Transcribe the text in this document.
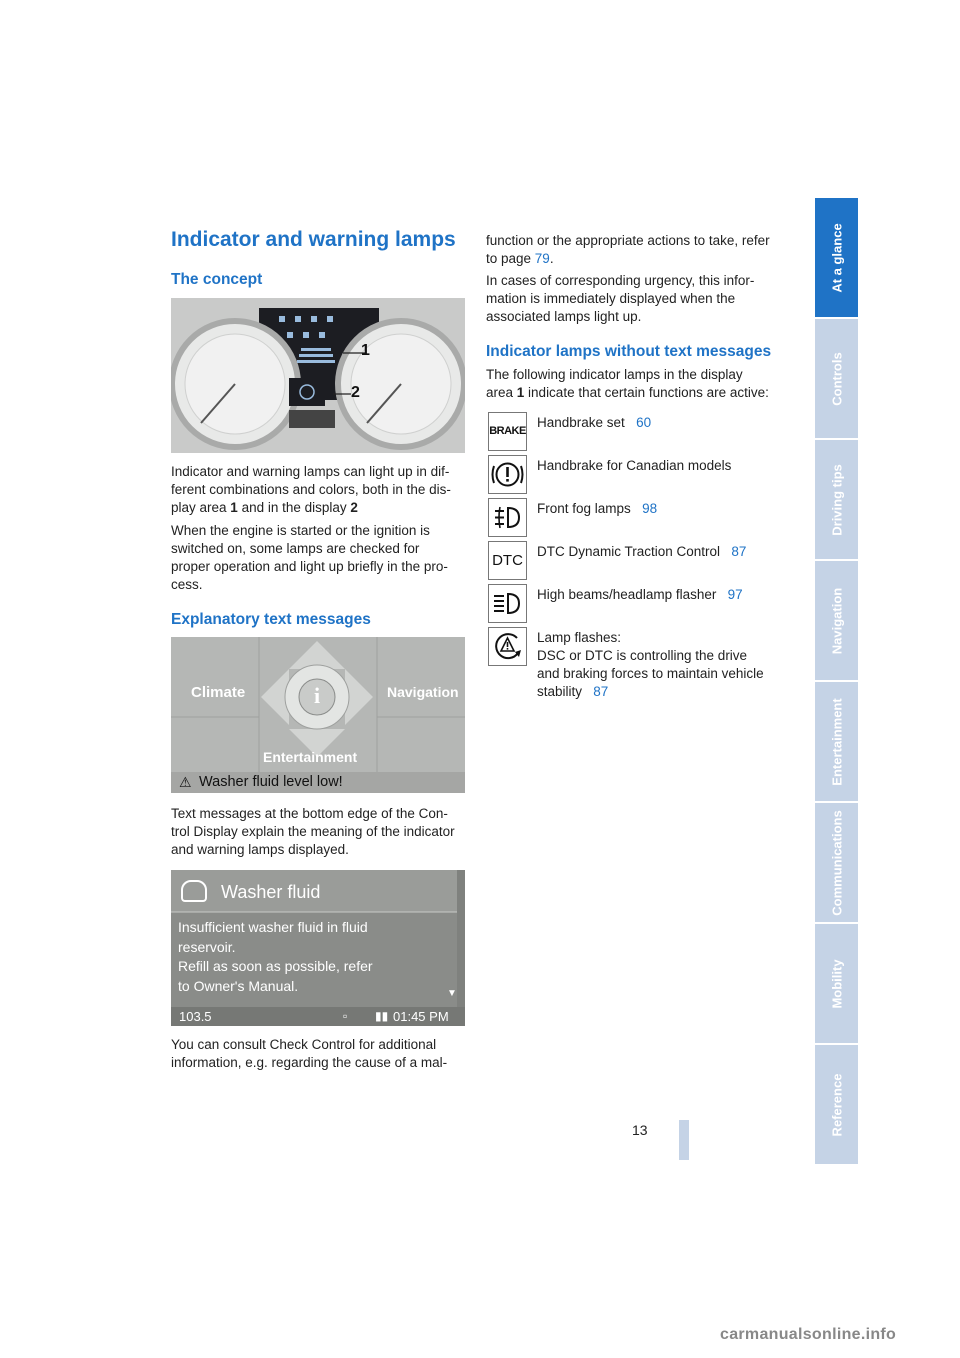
Indicator and warning lamps
The concept
1
2
Indicator and warning lamps can light up in dif-
ferent combinations and colors, both in the dis-
play area 1 and in the display 2
When the engine is started or the ignition is
switched on, some lamps are checked for
proper operation and light up briefly in the pro-
cess.
Explanatory text messages
i
Climate	Navigation
Entertainment
⚠ Washer fluid level low!
Text messages at the bottom edge of the Con-
trol Display explain the meaning of the indicator
and warning lamps displayed.
Washer fluid
Insufficient washer fluid in fluid
reservoir.
Refill as soon as possible, refer
to Owner's Manual.	▼
103.5	▫ ▮▮ 01:45 PM
You can consult Check Control for additional
information, e.g. regarding the cause of a mal-
function or the appropriate actions to take, refer
to page 79.
In cases of corresponding urgency, this infor-
mation is immediately displayed when the
associated lamps light up.
Indicator lamps without text messages
The following indicator lamps in the display
area 1 indicate that certain functions are active:
BRAKE
Handbrake set 60
Handbrake for Canadian models
Front fog lamps 98
DTC
DTC Dynamic Traction Control 87
High beams/headlamp flasher 97
Lamp flashes:
DSC or DTC is controlling the drive
and braking forces to maintain vehicle
stability 87
13
At a glance
Controls
Driving tips
Navigation
Entertainment
Communications
Mobility
Reference
carmanualsonline.info
